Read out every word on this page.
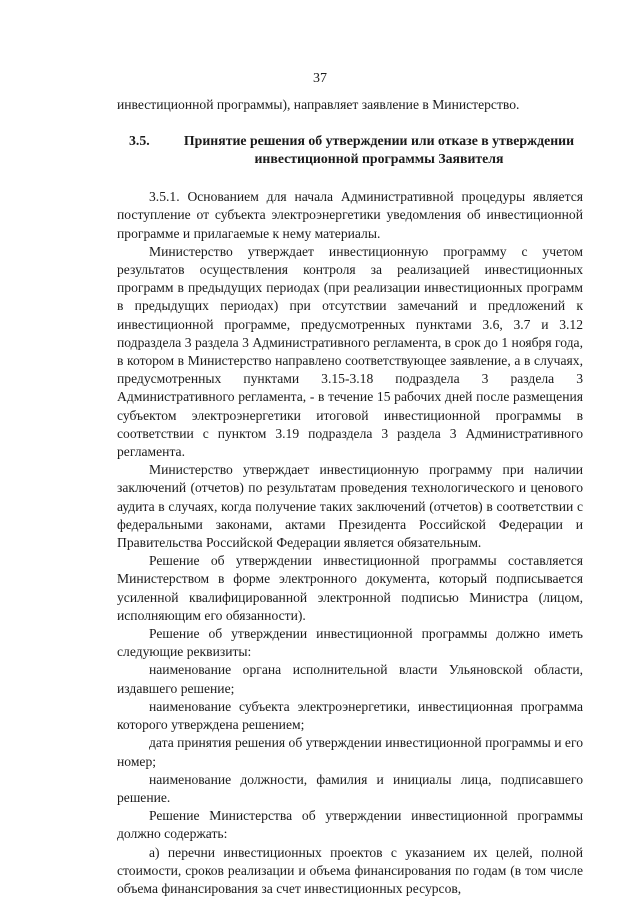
37

инвестиционной программы), направляет заявление в Министерство.

3.5.	Принятие решения об утверждении или отказе в утверждении
инвестиционной программы Заявителя

3.5.1. Основанием для начала Административной процедуры является поступление от субъекта электроэнергетики уведомления об инвестиционной программе и прилагаемые к нему материалы.

Министерство утверждает инвестиционную программу с учетом результатов осуществления контроля за реализацией инвестиционных программ в предыдущих периодах (при реализации инвестиционных программ в предыдущих периодах) при отсутствии замечаний и предложений к инвестиционной программе, предусмотренных пунктами 3.6, 3.7 и 3.12 подраздела 3 раздела 3 Административного регламента, в срок до 1 ноября года, в котором в Министерство направлено соответствующее заявление, а в случаях, предусмотренных пунктами 3.15-3.18 подраздела 3 раздела 3 Административного регламента, - в течение 15 рабочих дней после размещения субъектом электроэнергетики итоговой инвестиционной программы в соответствии с пунктом 3.19 подраздела 3 раздела 3 Административного регламента.

Министерство утверждает инвестиционную программу при наличии заключений (отчетов) по результатам проведения технологического и ценового аудита в случаях, когда получение таких заключений (отчетов) в соответствии с федеральными законами, актами Президента Российской Федерации и Правительства Российской Федерации является обязательным.

Решение об утверждении инвестиционной программы составляется Министерством в форме электронного документа, который подписывается усиленной квалифицированной электронной подписью Министра (лицом, исполняющим его обязанности).

Решение об утверждении инвестиционной программы должно иметь следующие реквизиты:

наименование органа исполнительной власти Ульяновской области, издавшего решение;

наименование субъекта электроэнергетики, инвестиционная программа которого утверждена решением;

дата принятия решения об утверждении инвестиционной программы и его номер;

наименование должности, фамилия и инициалы лица, подписавшего решение.

Решение Министерства об утверждении инвестиционной программы должно содержать:

а) перечни инвестиционных проектов с указанием их целей, полной стоимости, сроков реализации и объема финансирования по годам (в том числе объема финансирования за счет инвестиционных ресурсов,
